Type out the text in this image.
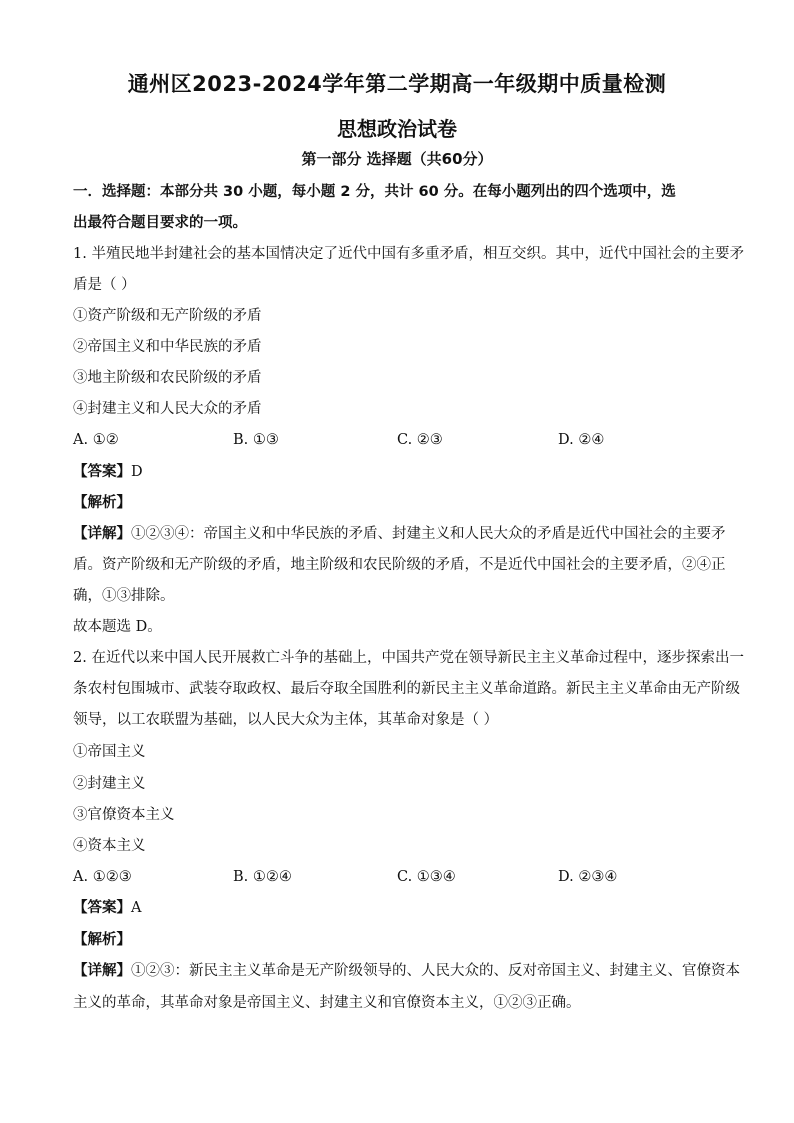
通州区2023-2024学年第二学期高一年级期中质量检测
思想政治试卷
第一部分 选择题（共60分）
一．选择题：本部分共 30 小题，每小题 2 分，共计 60 分。在每小题列出的四个选项中，选
出最符合题目要求的一项。
1. 半殖民地半封建社会的基本国情决定了近代中国有多重矛盾，相互交织。其中，近代中国社会的主要矛
盾是（ ）
①资产阶级和无产阶级的矛盾
②帝国主义和中华民族的矛盾
③地主阶级和农民阶级的矛盾
④封建主义和人民大众的矛盾
A. ①②	B. ①③	C. ②③	D. ②④
【答案】D
【解析】
【详解】①②③④：帝国主义和中华民族的矛盾、封建主义和人民大众的矛盾是近代中国社会的主要矛
盾。资产阶级和无产阶级的矛盾，地主阶级和农民阶级的矛盾，不是近代中国社会的主要矛盾，②④正
确，①③排除。
故本题选 D。
2. 在近代以来中国人民开展救亡斗争的基础上，中国共产党在领导新民主主义革命过程中，逐步探索出一
条农村包围城市、武装夺取政权、最后夺取全国胜利的新民主主义革命道路。新民主主义革命由无产阶级
领导，以工农联盟为基础，以人民大众为主体，其革命对象是（ ）
①帝国主义
②封建主义
③官僚资本主义
④资本主义
A. ①②③	B. ①②④	C. ①③④	D. ②③④
【答案】A
【解析】
【详解】①②③：新民主主义革命是无产阶级领导的、人民大众的、反对帝国主义、封建主义、官僚资本
主义的革命，其革命对象是帝国主义、封建主义和官僚资本主义，①②③正确。
